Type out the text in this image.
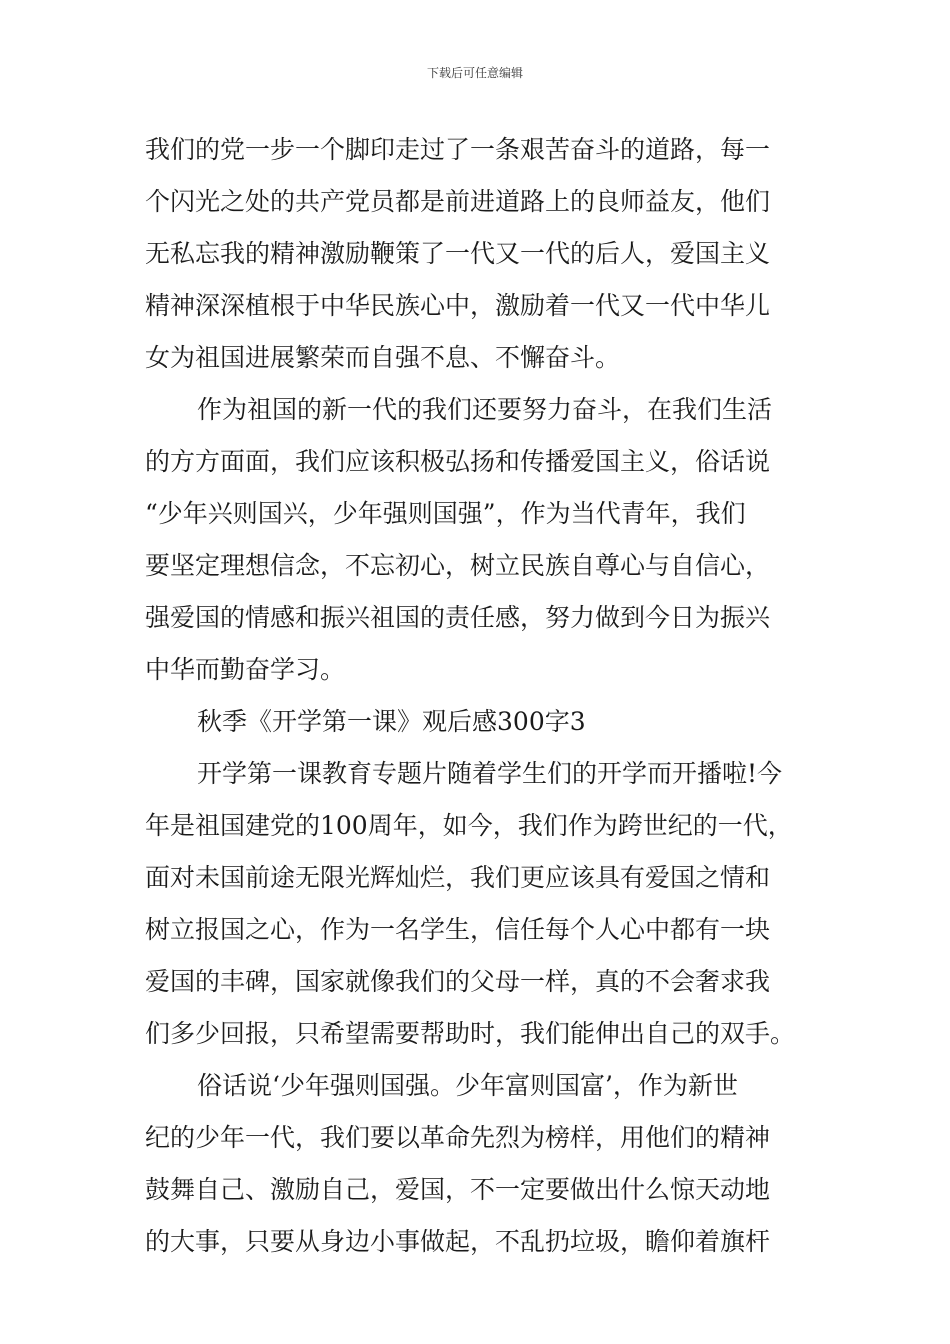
下载后可任意编辑
我们的党一步一个脚印走过了一条艰苦奋斗的道路，每一
个闪光之处的共产党员都是前进道路上的良师益友，他们
无私忘我的精神激励鞭策了一代又一代的后人，爱国主义
精神深深植根于中华民族心中，激励着一代又一代中华儿
女为祖国进展繁荣而自强不息、不懈奋斗。
作为祖国的新一代的我们还要努力奋斗，在我们生活
的方方面面，我们应该积极弘扬和传播爱国主义，俗话说
“少年兴则国兴，少年强则国强”，作为当代青年，我们
要坚定理想信念，不忘初心，树立民族自尊心与自信心，
强爱国的情感和振兴祖国的责任感，努力做到今日为振兴
中华而勤奋学习。
秋季《开学第一课》观后感300字3
开学第一课教育专题片随着学生们的开学而开播啦!今
年是祖国建党的100周年，如今，我们作为跨世纪的一代，
面对未国前途无限光辉灿烂，我们更应该具有爱国之情和
树立报国之心，作为一名学生，信任每个人心中都有一块
爱国的丰碑，国家就像我们的父母一样，真的不会奢求我
们多少回报，只希望需要帮助时，我们能伸出自己的双手。
俗话说‘少年强则国强。少年富则国富’，作为新世
纪的少年一代，我们要以革命先烈为榜样，用他们的精神
鼓舞自己、激励自己，爱国，不一定要做出什么惊天动地
的大事，只要从身边小事做起，不乱扔垃圾，瞻仰着旗杆
